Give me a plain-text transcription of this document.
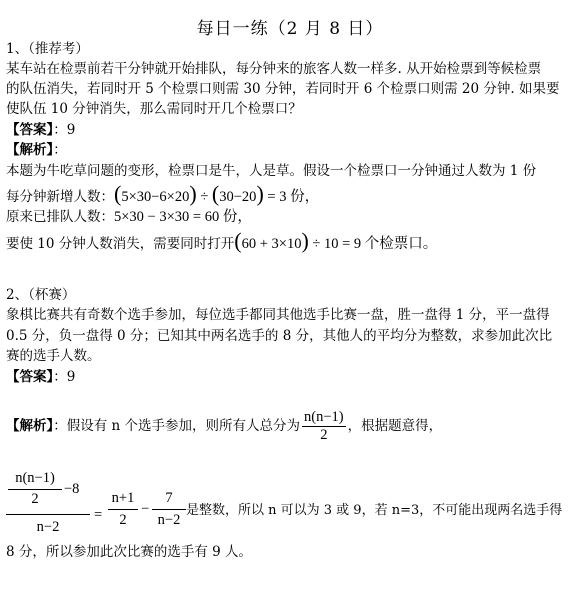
每日一练（2 月 8 日）
1、（推荐考）
某车站在检票前若干分钟就开始排队，每分钟来的旅客人数一样多. 从开始检票到等候检票
的队伍消失，若同时开 5 个检票口则需 30 分钟，若同时开 6 个检票口则需 20 分钟. 如果要
使队伍 10 分钟消失，那么需同时开几个检票口？
【答案】：9
【解析】：
本题为牛吃草问题的变形，检票口是牛，人是草。假设一个检票口一分钟通过人数为 1 份
每分钟新增人数：(5×30−6×20) ÷ (30−20) = 3 份，
原来已排队人数：5×30 − 3×30 = 60 份，
要使 10 分钟人数消失，需要同时打开(60 + 3×10) ÷ 10 = 9 个检票口。
2、（杯赛）
象棋比赛共有奇数个选手参加，每位选手都同其他选手比赛一盘，胜一盘得 1 分，平一盘得
0.5 分，负一盘得 0 分；已知其中两名选手的 8 分，其他人的平均分为整数，求参加此次比
赛的选手人数。
【答案】：9
【解析】：假设有 n 个选手参加，则所有人总分为 $\frac{n(n-1)}{2}$ ，根据题意得，
n(n−1)
2
−8
n−2
=
n+1
2
−
7
n−2
是整数，所以 n 可以为 3 或 9，若 n=3，不可能出现两名选手得
8 分，所以参加此次比赛的选手有 9 人。
